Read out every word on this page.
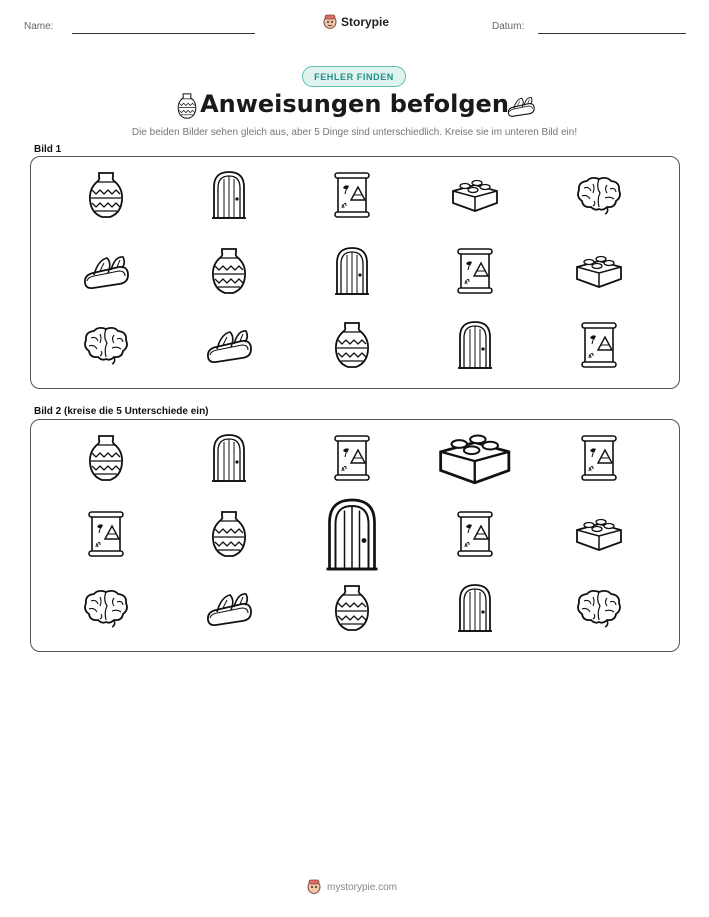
Name:	Storypie	Datum:
FEHLER FINDEN
Anweisungen befolgen
Die beiden Bilder sehen gleich aus, aber 5 Dinge sind unterschiedlich. Kreise sie im unteren Bild ein!
Bild 1
Bild 2 (kreise die 5 Unterschiede ein)
mystorypie.com
